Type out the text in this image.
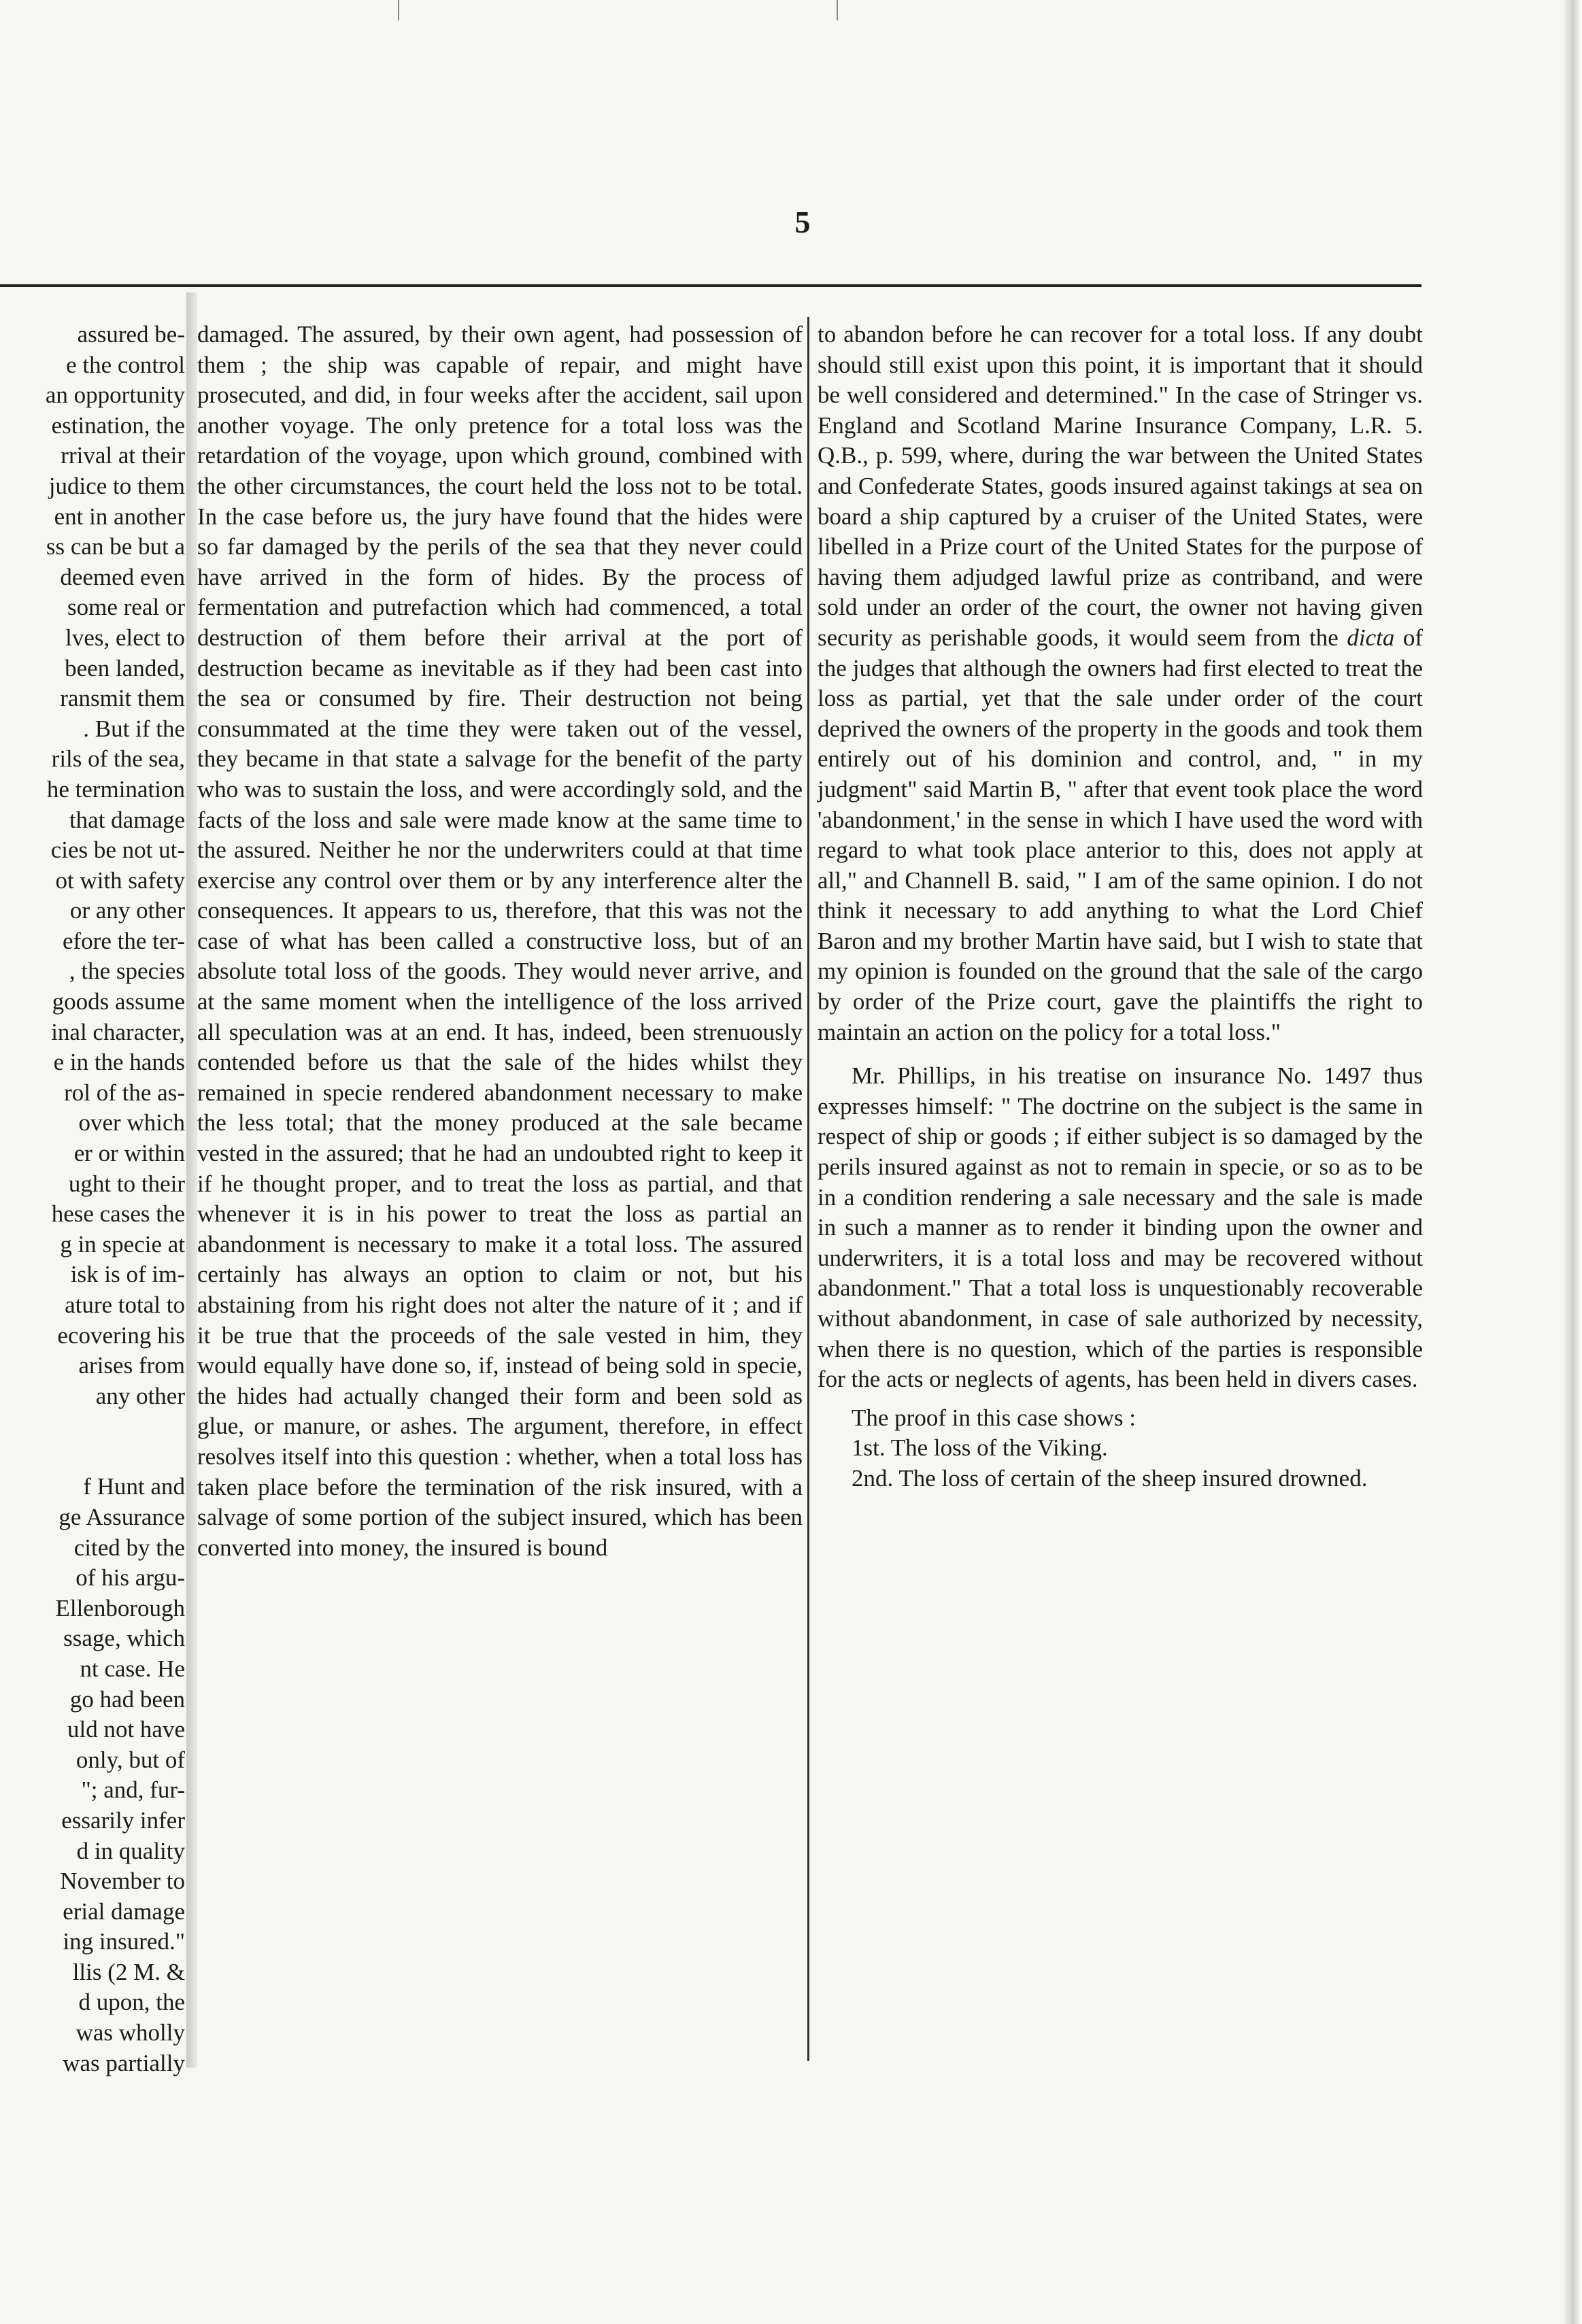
5
assured be-
e the control
an opportunity
estination, the
rrival at their
judice to them
ent in another
ss can be but a
deemed even
some real or
lves, elect to
been landed,
ransmit them
. But if the
rils of the sea,
he termination
that damage
cies be not ut-
ot with safety
or any other
efore the ter-
, the species
goods assume
inal character,
e in the hands
rol of the as-
over which
er or within
ught to their
hese cases the
g in specie at
isk is of im-
ature total to
ecovering his
arises from
any other
f Hunt and
ge Assurance
cited by the
of his argu-
Ellenborough
ssage, which
nt case. He
go had been
uld not have
only, but of
"; and, fur-
essarily infer
d in quality
November to
erial damage
ing insured."
llis (2 M. &
d upon, the
was wholly
was partially

damaged. The assured, by their own agent, had possession of them ; the ship was capable of repair, and might have prosecuted, and did, in four weeks after the accident, sail upon another voyage. The only pretence for a total loss was the retardation of the voyage, upon which ground, combined with the other circumstances, the court held the loss not to be total. In the case before us, the jury have found that the hides were so far damaged by the perils of the sea that they never could have arrived in the form of hides. By the process of fermentation and putrefaction which had commenced, a total destruction of them before their arrival at the port of destruction became as inevitable as if they had been cast into the sea or consumed by fire. Their destruction not being consummated at the time they were taken out of the vessel, they became in that state a salvage for the benefit of the party who was to sustain the loss, and were accordingly sold, and the facts of the loss and sale were made know at the same time to the assured. Neither he nor the underwriters could at that time exercise any control over them or by any interference alter the consequences. It appears to us, therefore, that this was not the case of what has been called a constructive loss, but of an absolute total loss of the goods. They would never arrive, and at the same moment when the intelligence of the loss arrived all speculation was at an end. It has, indeed, been strenuously contended before us that the sale of the hides whilst they remained in specie rendered abandonment necessary to make the less total; that the money produced at the sale became vested in the assured; that he had an undoubted right to keep it if he thought proper, and to treat the loss as partial, and that whenever it is in his power to treat the loss as partial an abandonment is necessary to make it a total loss. The assured certainly has always an option to claim or not, but his abstaining from his right does not alter the nature of it ; and if it be true that the proceeds of the sale vested in him, they would equally have done so, if, instead of being sold in specie, the hides had actually changed their form and been sold as glue, or manure, or ashes. The argument, therefore, in effect resolves itself into this question : whether, when a total loss has taken place before the termination of the risk insured, with a salvage of some portion of the subject insured, which has been converted into money, the insured is bound

to abandon before he can recover for a total loss. If any doubt should still exist upon this point, it is important that it should be well considered and determined." In the case of Stringer vs. England and Scotland Marine Insurance Company, L.R. 5. Q.B., p. 599, where, during the war between the United States and Confederate States, goods insured against takings at sea on board a ship captured by a cruiser of the United States, were libelled in a Prize court of the United States for the purpose of having them adjudged lawful prize as contriband, and were sold under an order of the court, the owner not having given security as perishable goods, it would seem from the dicta of the judges that although the owners had first elected to treat the loss as partial, yet that the sale under order of the court deprived the owners of the property in the goods and took them entirely out of his dominion and control, and, " in my judgment" said Martin B, " after that event took place the word 'abandonment,' in the sense in which I have used the word with regard to what took place anterior to this, does not apply at all," and Channell B. said, " I am of the same opinion. I do not think it necessary to add anything to what the Lord Chief Baron and my brother Martin have said, but I wish to state that my opinion is founded on the ground that the sale of the cargo by order of the Prize court, gave the plaintiffs the right to maintain an action on the policy for a total loss."

Mr. Phillips, in his treatise on insurance No. 1497 thus expresses himself: " The doctrine on the subject is the same in respect of ship or goods ; if either subject is so damaged by the perils insured against as not to remain in specie, or so as to be in a condition rendering a sale necessary and the sale is made in such a manner as to render it binding upon the owner and underwriters, it is a total loss and may be recovered without abandonment." That a total loss is unquestionably recoverable without abandonment, in case of sale authorized by necessity, when there is no question, which of the parties is responsible for the acts or neglects of agents, has been held in divers cases.

The proof in this case shows :
1st. The loss of the Viking.
2nd. The loss of certain of the sheep insured drowned.
